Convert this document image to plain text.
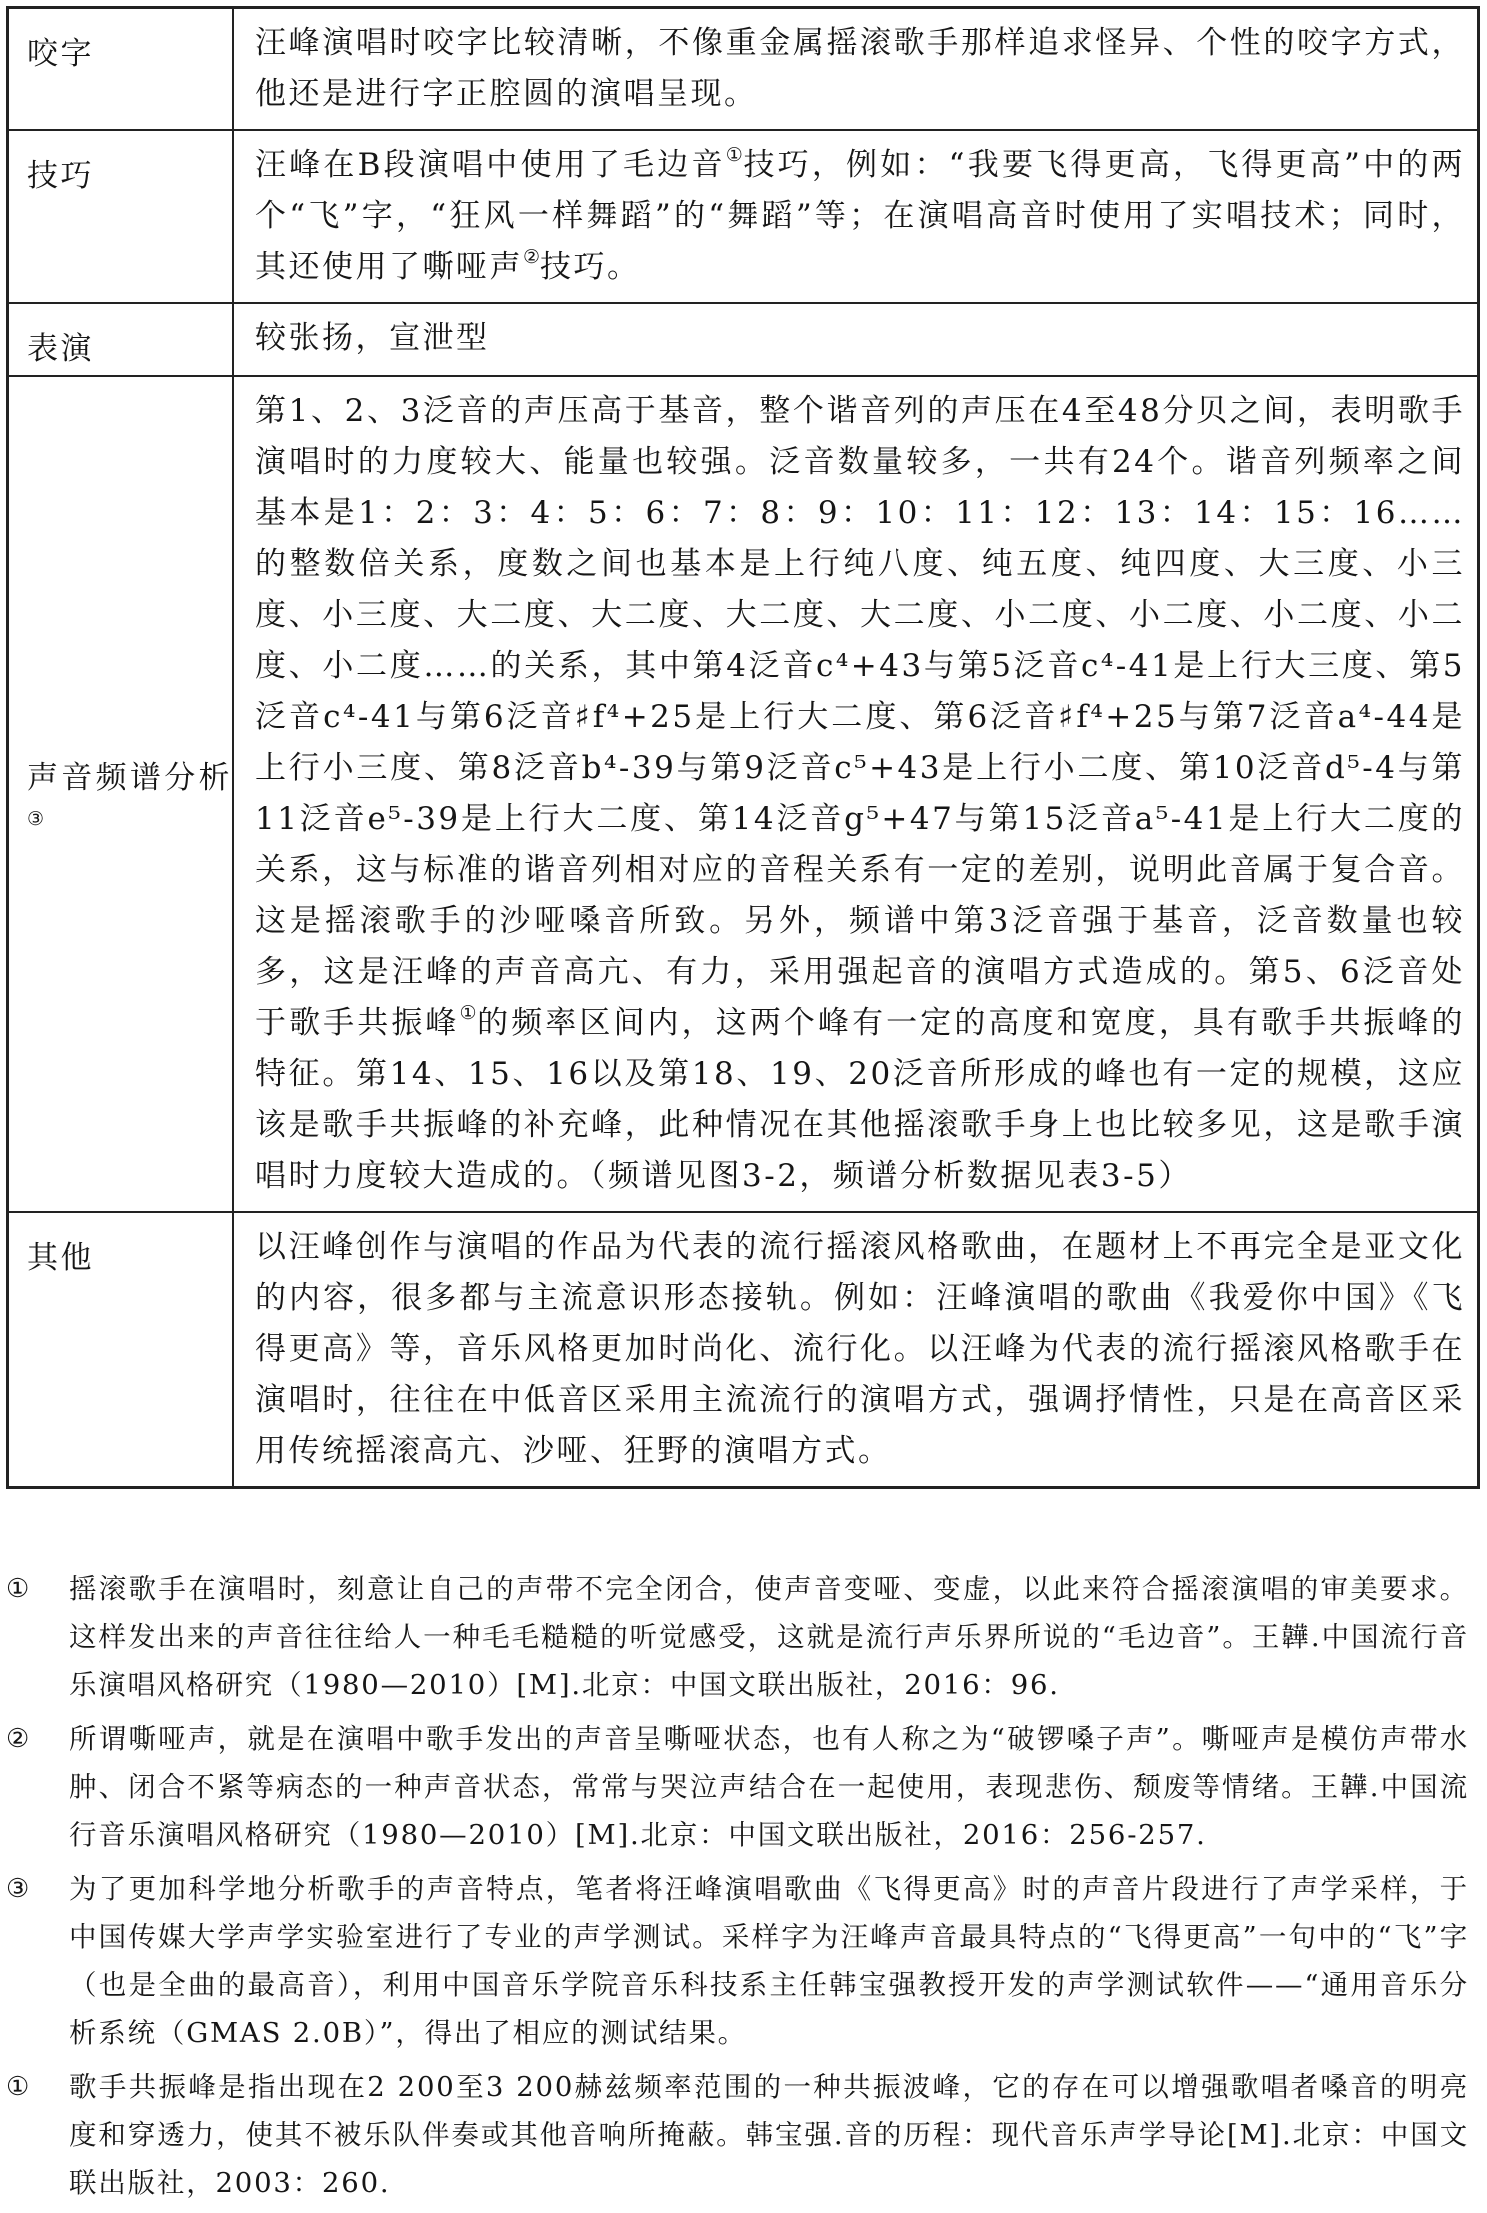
咬字	汪峰演唱时咬字比较清晰，不像重金属摇滚歌手那样追求怪异、个性的咬字方式，他还是进行字正腔圆的演唱呈现。
技巧	汪峰在B段演唱中使用了毛边音①技巧，例如：“我要飞得更高，飞得更高”中的两个“飞”字，“狂风一样舞蹈”的“舞蹈”等；在演唱高音时使用了实唱技术；同时，其还使用了嘶哑声②技巧。
表演	较张扬，宣泄型
声音频谱分析③	第1、2、3泛音的声压高于基音，整个谐音列的声压在4至48分贝之间，表明歌手演唱时的力度较大、能量也较强。泛音数量较多，一共有24个。谐音列频率之间基本是1：2：3：4：5：6：7：8：9：10：11：12：13：14：15：16……的整数倍关系，度数之间也基本是上行纯八度、纯五度、纯四度、大三度、小三度、小三度、大二度、大二度、大二度、大二度、小二度、小二度、小二度、小二度、小二度……的关系，其中第4泛音c⁴+43与第5泛音c⁴-41是上行大三度、第5泛音c⁴-41与第6泛音♯f⁴+25是上行大二度、第6泛音♯f⁴+25与第7泛音a⁴-44是上行小三度、第8泛音b⁴-39与第9泛音c⁵+43是上行小二度、第10泛音d⁵-4与第11泛音e⁵-39是上行大二度、第14泛音g⁵+47与第15泛音a⁵-41是上行大二度的关系，这与标准的谐音列相对应的音程关系有一定的差别，说明此音属于复合音。这是摇滚歌手的沙哑嗓音所致。另外，频谱中第3泛音强于基音，泛音数量也较多，这是汪峰的声音高亢、有力，采用强起音的演唱方式造成的。第5、6泛音处于歌手共振峰①的频率区间内，这两个峰有一定的高度和宽度，具有歌手共振峰的特征。第14、15、16以及第18、19、20泛音所形成的峰也有一定的规模，这应该是歌手共振峰的补充峰，此种情况在其他摇滚歌手身上也比较多见，这是歌手演唱时力度较大造成的。（频谱见图3-2，频谱分析数据见表3-5）
其他	以汪峰创作与演唱的作品为代表的流行摇滚风格歌曲，在题材上不再完全是亚文化的内容，很多都与主流意识形态接轨。例如：汪峰演唱的歌曲《我爱你中国》《飞得更高》等，音乐风格更加时尚化、流行化。以汪峰为代表的流行摇滚风格歌手在演唱时，往往在中低音区采用主流流行的演唱方式，强调抒情性，只是在高音区采用传统摇滚高亢、沙哑、狂野的演唱方式。
① 摇滚歌手在演唱时，刻意让自己的声带不完全闭合，使声音变哑、变虚，以此来符合摇滚演唱的审美要求。这样发出来的声音往往给人一种毛毛糙糙的听觉感受，这就是流行声乐界所说的“毛边音”。王韡.中国流行音乐演唱风格研究（1980—2010）[M].北京：中国文联出版社，2016：96.
② 所谓嘶哑声，就是在演唱中歌手发出的声音呈嘶哑状态，也有人称之为“破锣嗓子声”。嘶哑声是模仿声带水肿、闭合不紧等病态的一种声音状态，常常与哭泣声结合在一起使用，表现悲伤、颓废等情绪。王韡.中国流行音乐演唱风格研究（1980—2010）[M].北京：中国文联出版社，2016：256-257.
③ 为了更加科学地分析歌手的声音特点，笔者将汪峰演唱歌曲《飞得更高》时的声音片段进行了声学采样，于中国传媒大学声学实验室进行了专业的声学测试。采样字为汪峰声音最具特点的“飞得更高”一句中的“飞”字（也是全曲的最高音），利用中国音乐学院音乐科技系主任韩宝强教授开发的声学测试软件——“通用音乐分析系统（GMAS 2.0B）”，得出了相应的测试结果。
① 歌手共振峰是指出现在2 200至3 200赫兹频率范围的一种共振波峰，它的存在可以增强歌唱者嗓音的明亮度和穿透力，使其不被乐队伴奏或其他音响所掩蔽。韩宝强.音的历程：现代音乐声学导论[M].北京：中国文联出版社，2003：260.
